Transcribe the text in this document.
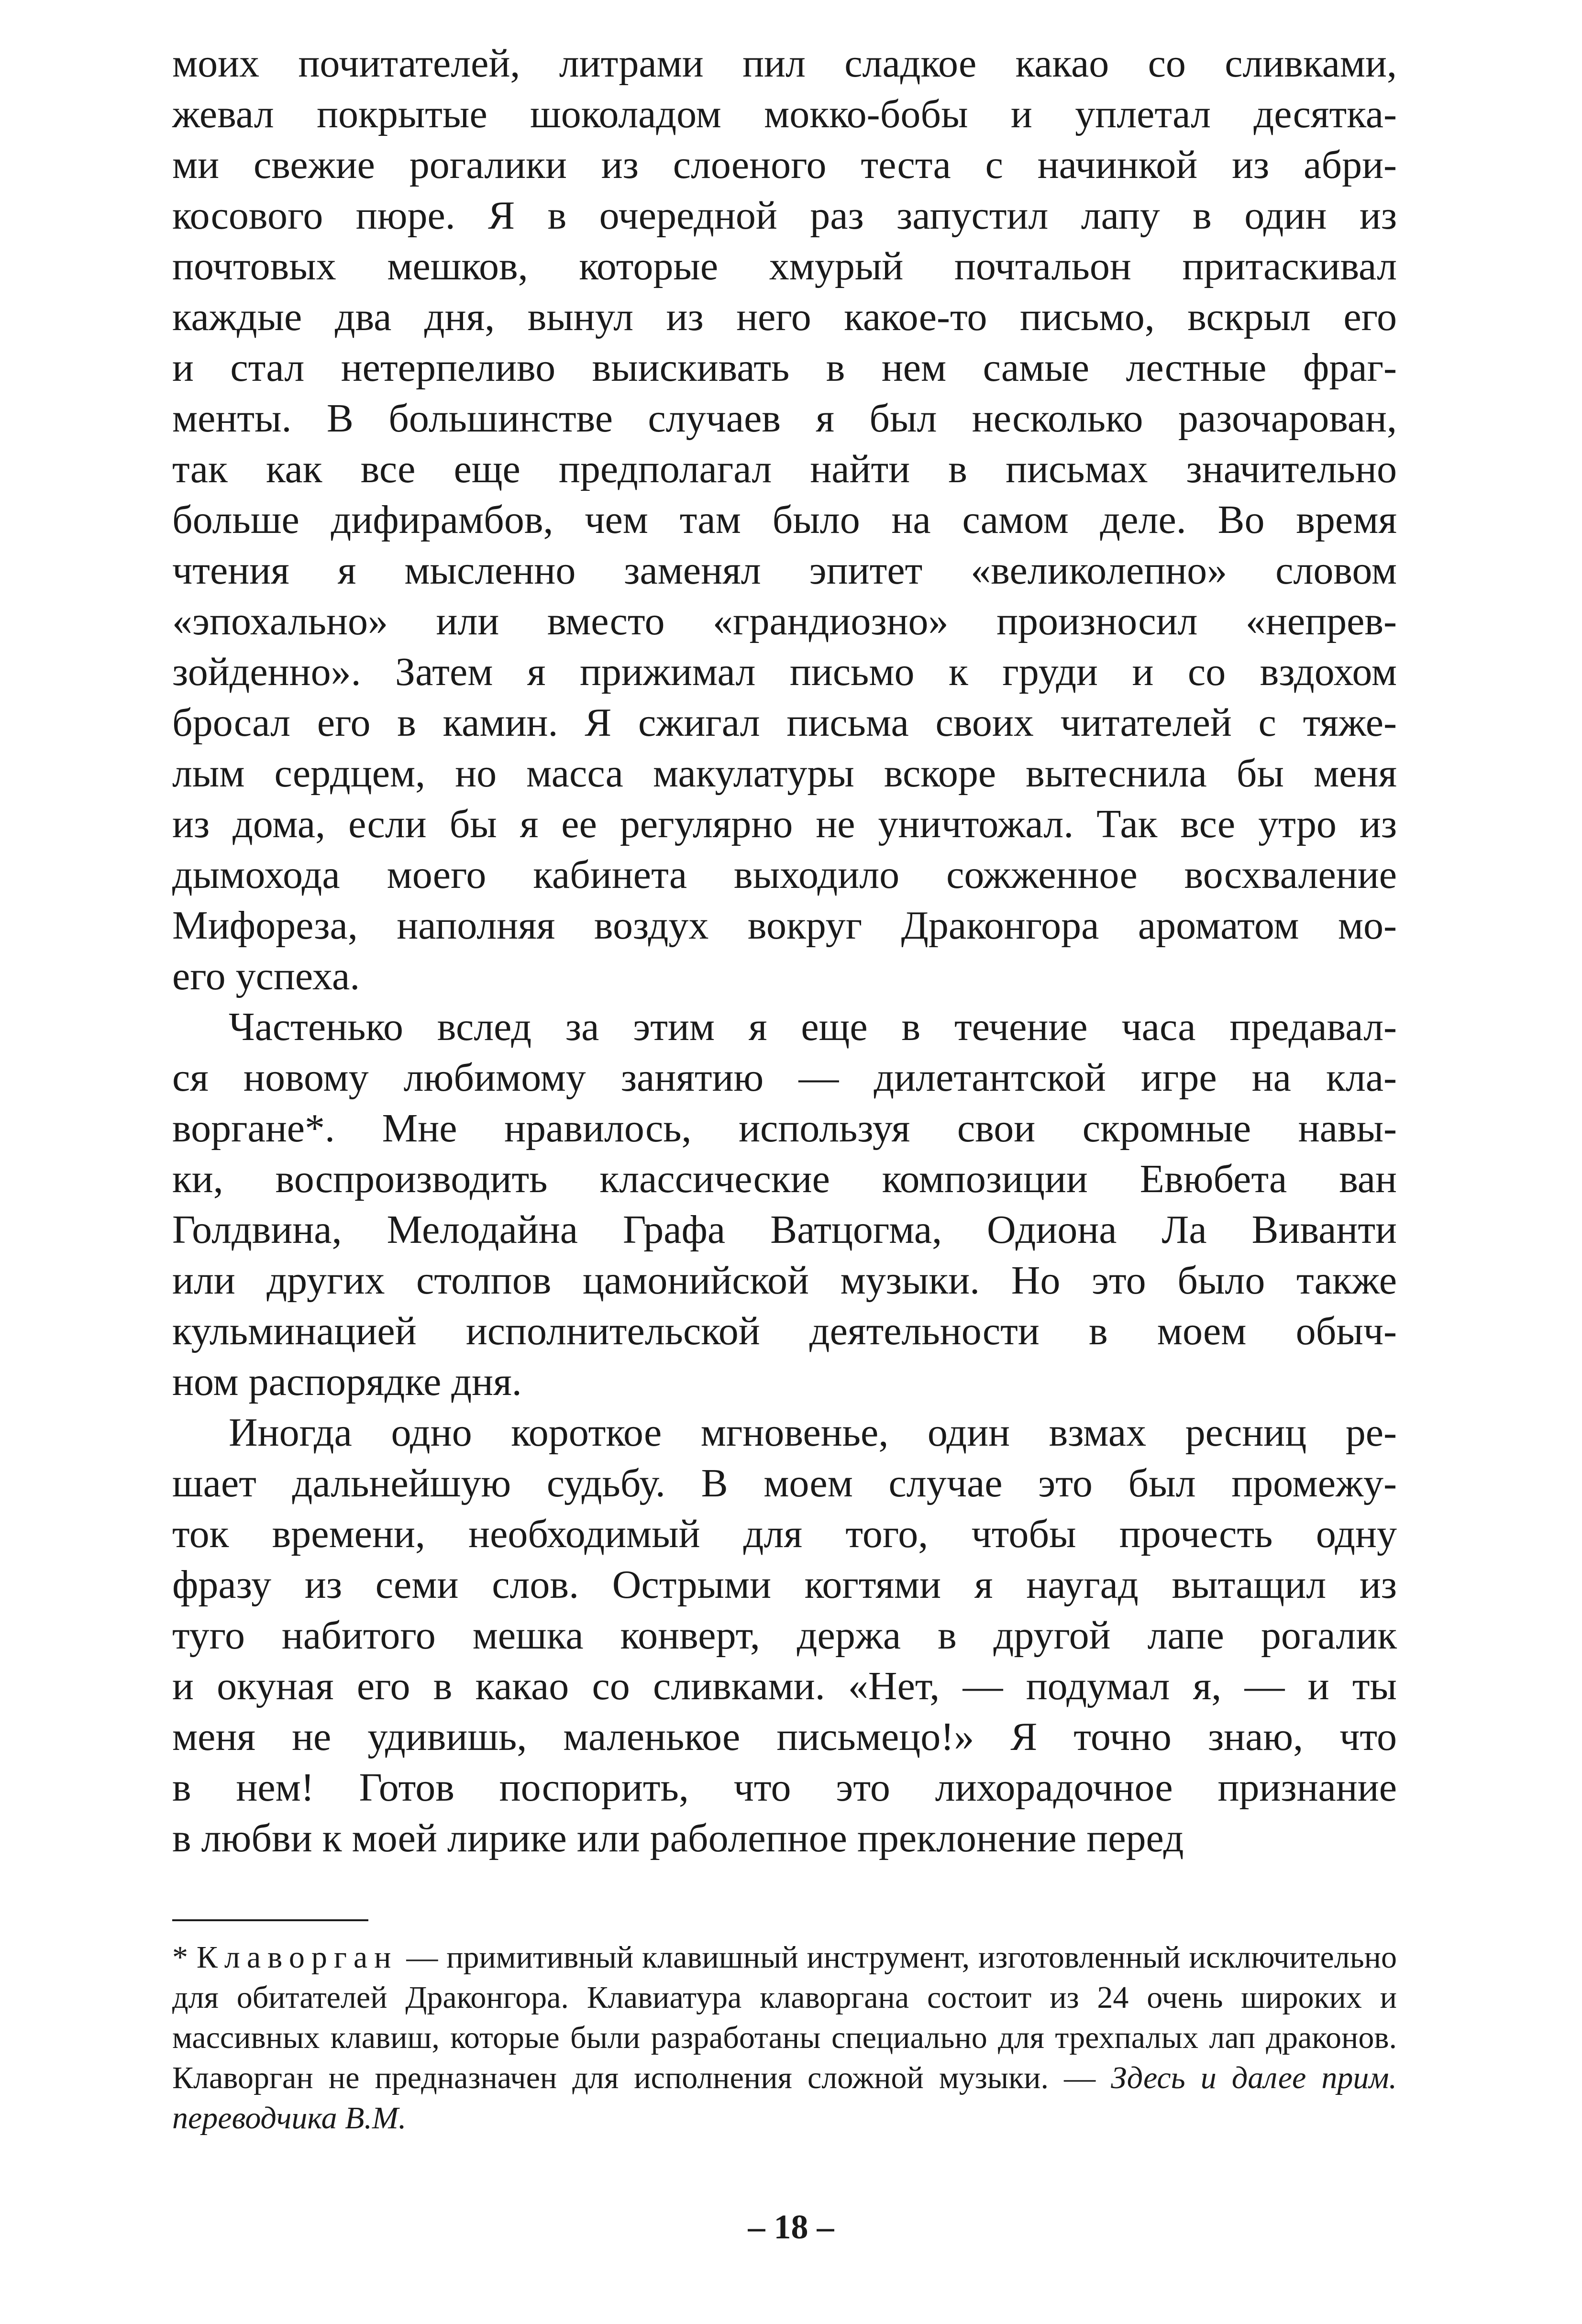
моих почитателей, литрами пил сладкое какао со сливками,

жевал покрытые шоколадом мокко-бобы и уплетал десятка-

ми свежие рогалики из слоеного теста с начинкой из абри-

косового пюре. Я в очередной раз запустил лапу в один из

почтовых мешков, которые хмурый почтальон притаскивал

каждые два дня, вынул из него какое-то письмо, вскрыл его

и стал нетерпеливо выискивать в нем самые лестные фраг-

менты. В большинстве случаев я был несколько разочарован,

так как все еще предполагал найти в письмах значительно

больше дифирамбов, чем там было на самом деле. Во время

чтения я мысленно заменял эпитет «великолепно» словом

«эпохально» или вместо «грандиозно» произносил «непрев-

зойденно». Затем я прижимал письмо к груди и со вздохом

бросал его в камин. Я сжигал письма своих читателей с тяже-

лым сердцем, но масса макулатуры вскоре вытеснила бы меня

из дома, если бы я ее регулярно не уничтожал. Так все утро из

дымохода моего кабинета выходило сожженное восхваление

Мифореза, наполняя воздух вокруг Драконгора ароматом мо-

его успеха.

Частенько вслед за этим я еще в течение часа предавал-

ся новому любимому занятию — дилетантской игре на кла-

воргане*. Мне нравилось, используя свои скромные навы-

ки, воспроизводить классические композиции Евюбета ван

Голдвина, Мелодайна Графа Ватцогма, Одиона Ла Виванти

или других столпов цамонийской музыки. Но это было также

кульминацией исполнительской деятельности в моем обыч-

ном распорядке дня.

Иногда одно короткое мгновенье, один взмах ресниц ре-

шает дальнейшую судьбу. В моем случае это был промежу-

ток времени, необходимый для того, чтобы прочесть одну

фразу из семи слов. Острыми когтями я наугад вытащил из

туго набитого мешка конверт, держа в другой лапе рогалик

и окуная его в какао со сливками. «Нет, — подумал я, — и ты

меня не удивишь, маленькое письмецо!» Я точно знаю, что

в нем! Готов поспорить, что это лихорадочное признание

в любви к моей лирике или раболепное преклонение перед

* Клаворган — примитивный клавишный инструмент, изготовленный исключительно для обитателей Драконгора. Клавиатура клаворгана состоит из 24 очень широких и массивных клавиш, которые были разработаны специально для трехпалых лап драконов. Клаворган не предназначен для исполнения сложной музыки. — Здесь и далее прим. переводчика В.М.
– 18 –
